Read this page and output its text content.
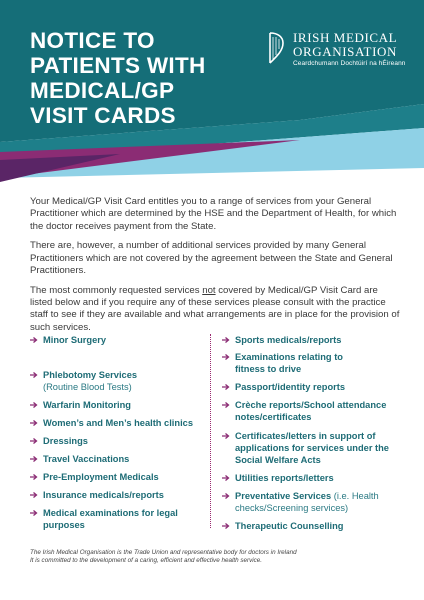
NOTICE TO
PATIENTS WITH
MEDICAL/GP
VISIT CARDS
IRISH MEDICAL
ORGANISATION
Ceardchumann Dochtúirí na hÉireann

Your Medical/GP Visit Card entitles you to a range of services from your General Practitioner which are determined by the HSE and the Department of Health, for which the doctor receives payment from the State.

There are, however, a number of additional services provided by many General Practitioners which are not covered by the agreement between the State and General Practitioners.

The most commonly requested services not covered by Medical/GP Visit Card are listed below and if you require any of these services please consult with the practice staff to see if they are available and what arrangements are in place for the provision of such services.

Minor Surgery
Phlebotomy Services
(Routine Blood Tests)
Warfarin Monitoring
Women’s and Men’s health clinics
Dressings
Travel Vaccinations
Pre-Employment Medicals
Insurance medicals/reports
Medical examinations for legal purposes
Sports medicals/reports
Examinations relating to fitness to drive
Passport/identity reports
Crèche reports/School attendance notes/certificates
Certificates/letters in support of applications for services under the Social Welfare Acts
Utilities reports/letters
Preventative Services (i.e. Health checks/Screening services)
Therapeutic Counselling
The Irish Medical Organisation is the Trade Union and representative body for doctors in Ireland
It is committed to the development of a caring, efficient and effective health service.
